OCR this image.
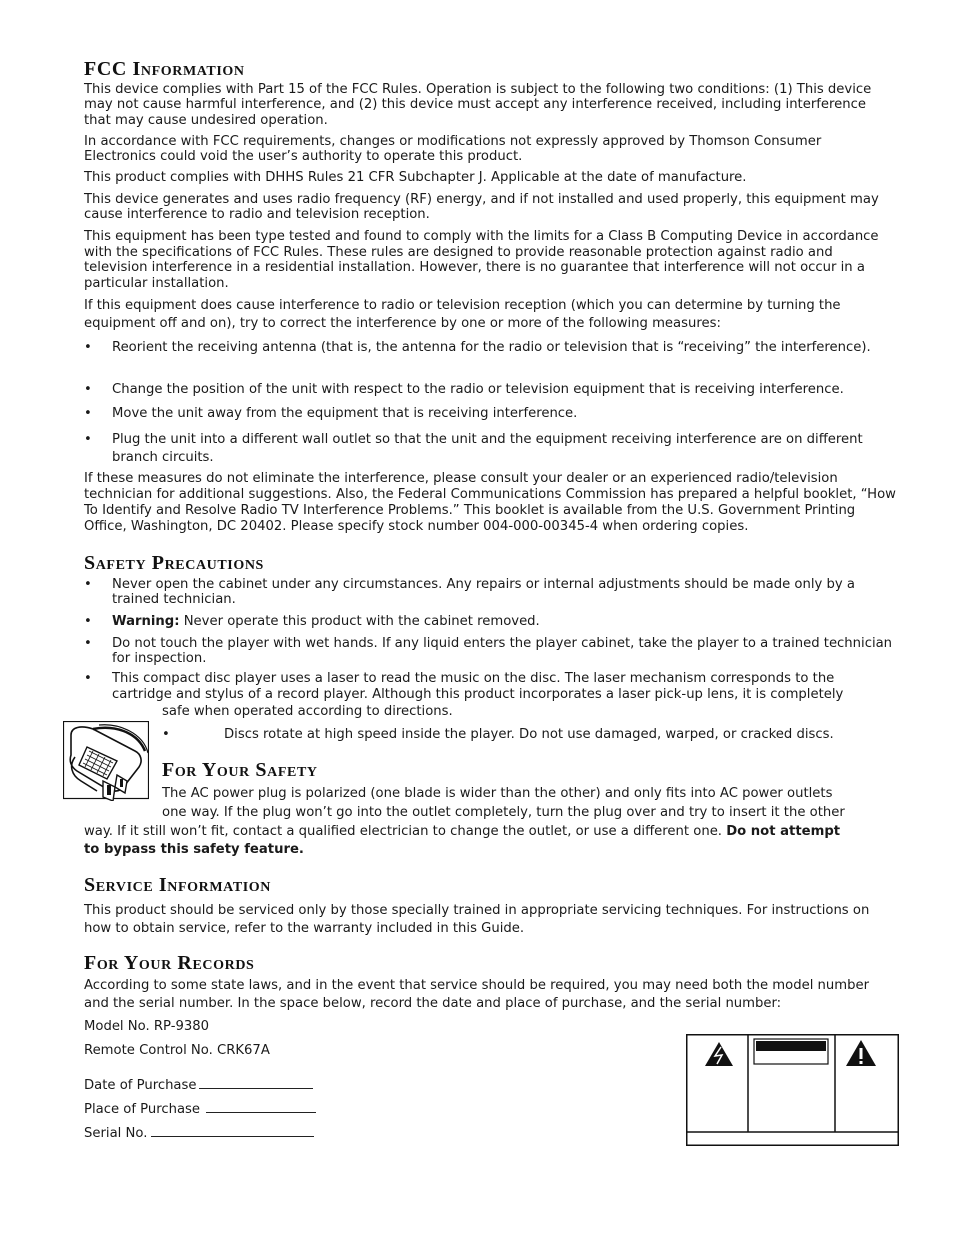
FCC Information

This device complies with Part 15 of the FCC Rules. Operation is subject to the following two conditions: (1) This device may not cause harmful interference, and (2) this device must accept any interference received, including interference that may cause undesired operation.

In accordance with FCC requirements, changes or modifications not expressly approved by Thomson Consumer Electronics could void the user’s authority to operate this product.

This product complies with DHHS Rules 21 CFR Subchapter J. Applicable at the date of manufacture.

This device generates and uses radio frequency (RF) energy, and if not installed and used properly, this equipment may cause interference to radio and television reception.

This equipment has been type tested and found to comply with the limits for a Class B Computing Device in accordance with the specifications of FCC Rules. These rules are designed to provide reasonable protection against radio and television interference in a residential installation. However, there is no guarantee that interference will not occur in a particular installation.

If this equipment does cause interference to radio or television reception (which you can determine by turning the equipment off and on), try to correct the interference by one or more of the following measures:

• Reorient the receiving antenna (that is, the antenna for the radio or television that is “receiving” the interference).
• Change the position of the unit with respect to the radio or television equipment that is receiving interference.
• Move the unit away from the equipment that is receiving interference.
• Plug the unit into a different wall outlet so that the unit and the equipment receiving interference are on different branch circuits.

If these measures do not eliminate the interference, please consult your dealer or an experienced radio/television technician for additional suggestions. Also, the Federal Communications Commission has prepared a helpful booklet, “How To Identify and Resolve Radio TV Interference Problems.” This booklet is available from the U.S. Government Printing Office, Washington, DC 20402. Please specify stock number 004-000-00345-4 when ordering copies.

Safety Precautions
• Never open the cabinet under any circumstances. Any repairs or internal adjustments should be made only by a trained technician.
• Warning: Never operate this product with the cabinet removed.
• Do not touch the player with wet hands. If any liquid enters the player cabinet, take the player to a trained technician for inspection.
• This compact disc player uses a laser to read the music on the disc. The laser mechanism corresponds to the
cartridge and stylus of a record player. Although this product incorporates a laser pick-up lens, it is completely
safe when operated according to directions.
•	Discs rotate at high speed inside the player. Do not use damaged, warped, or cracked discs.
For Your Safety
The AC power plug is polarized (one blade is wider than the other) and only fits into AC power outlets
one way. If the plug won’t go into the outlet completely, turn the plug over and try to insert it the other
way. If it still won’t fit, contact a qualified electrician to change the outlet, or use a different one. Do not attempt
to bypass this safety feature.
Service Information

This product should be serviced only by those specially trained in appropriate servicing techniques. For instructions on how to obtain service, refer to the warranty included in this Guide.

For Your Records

According to some state laws, and in the event that service should be required, you may need both the model number and the serial number. In the space below, record the date and place of purchase, and the serial number:

Model No. RP-9380
Remote Control No. CRK67A
Date of Purchase
Place of Purchase
Serial No.
